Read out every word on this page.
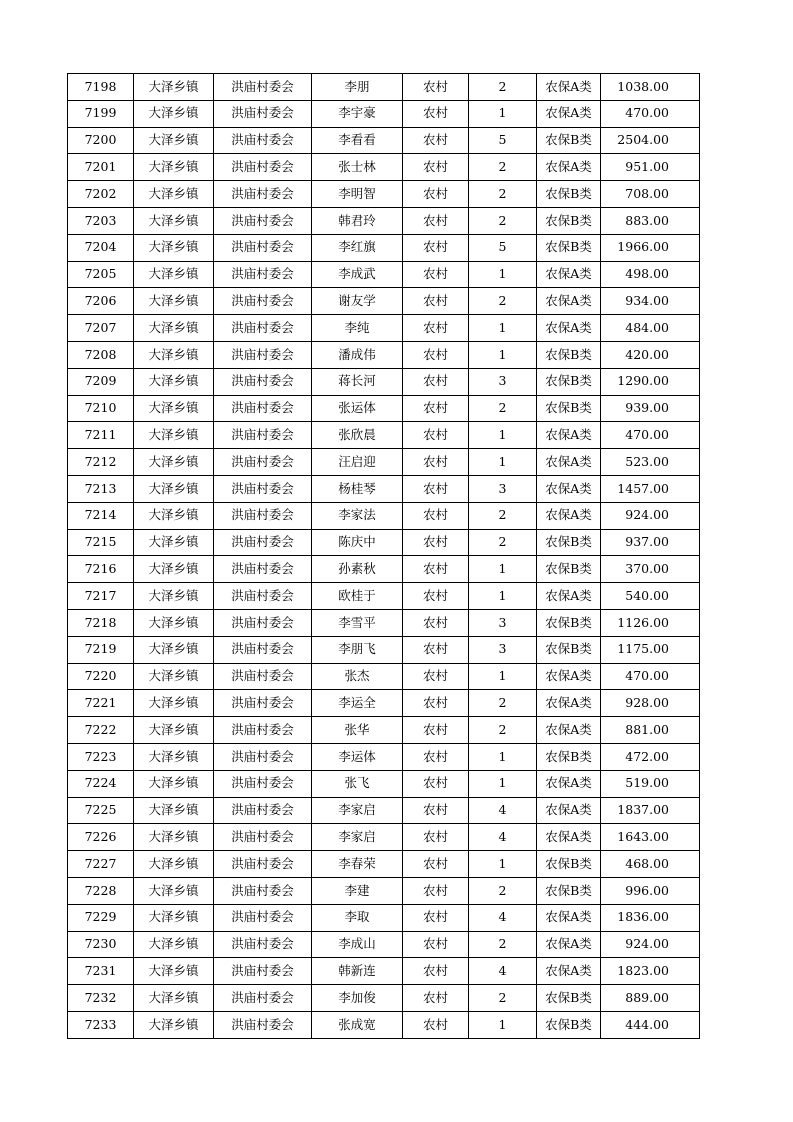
7198	大泽乡镇	洪庙村委会	李朋	农村	2	农保A类	1038.00
7199	大泽乡镇	洪庙村委会	李宇豪	农村	1	农保A类	470.00
7200	大泽乡镇	洪庙村委会	李看看	农村	5	农保B类	2504.00
7201	大泽乡镇	洪庙村委会	张士林	农村	2	农保A类	951.00
7202	大泽乡镇	洪庙村委会	李明智	农村	2	农保B类	708.00
7203	大泽乡镇	洪庙村委会	韩君玲	农村	2	农保B类	883.00
7204	大泽乡镇	洪庙村委会	李红旗	农村	5	农保B类	1966.00
7205	大泽乡镇	洪庙村委会	李成武	农村	1	农保A类	498.00
7206	大泽乡镇	洪庙村委会	谢友学	农村	2	农保A类	934.00
7207	大泽乡镇	洪庙村委会	李纯	农村	1	农保A类	484.00
7208	大泽乡镇	洪庙村委会	潘成伟	农村	1	农保B类	420.00
7209	大泽乡镇	洪庙村委会	蒋长河	农村	3	农保B类	1290.00
7210	大泽乡镇	洪庙村委会	张运体	农村	2	农保B类	939.00
7211	大泽乡镇	洪庙村委会	张欣晨	农村	1	农保A类	470.00
7212	大泽乡镇	洪庙村委会	汪启迎	农村	1	农保A类	523.00
7213	大泽乡镇	洪庙村委会	杨桂琴	农村	3	农保A类	1457.00
7214	大泽乡镇	洪庙村委会	李家法	农村	2	农保A类	924.00
7215	大泽乡镇	洪庙村委会	陈庆中	农村	2	农保B类	937.00
7216	大泽乡镇	洪庙村委会	孙素秋	农村	1	农保B类	370.00
7217	大泽乡镇	洪庙村委会	欧桂于	农村	1	农保A类	540.00
7218	大泽乡镇	洪庙村委会	李雪平	农村	3	农保B类	1126.00
7219	大泽乡镇	洪庙村委会	李朋飞	农村	3	农保B类	1175.00
7220	大泽乡镇	洪庙村委会	张杰	农村	1	农保A类	470.00
7221	大泽乡镇	洪庙村委会	李运全	农村	2	农保A类	928.00
7222	大泽乡镇	洪庙村委会	张华	农村	2	农保A类	881.00
7223	大泽乡镇	洪庙村委会	李运体	农村	1	农保B类	472.00
7224	大泽乡镇	洪庙村委会	张飞	农村	1	农保A类	519.00
7225	大泽乡镇	洪庙村委会	李家启	农村	4	农保A类	1837.00
7226	大泽乡镇	洪庙村委会	李家启	农村	4	农保A类	1643.00
7227	大泽乡镇	洪庙村委会	李春荣	农村	1	农保B类	468.00
7228	大泽乡镇	洪庙村委会	李建	农村	2	农保B类	996.00
7229	大泽乡镇	洪庙村委会	李取	农村	4	农保A类	1836.00
7230	大泽乡镇	洪庙村委会	李成山	农村	2	农保A类	924.00
7231	大泽乡镇	洪庙村委会	韩新连	农村	4	农保A类	1823.00
7232	大泽乡镇	洪庙村委会	李加俊	农村	2	农保B类	889.00
7233	大泽乡镇	洪庙村委会	张成宽	农村	1	农保B类	444.00
